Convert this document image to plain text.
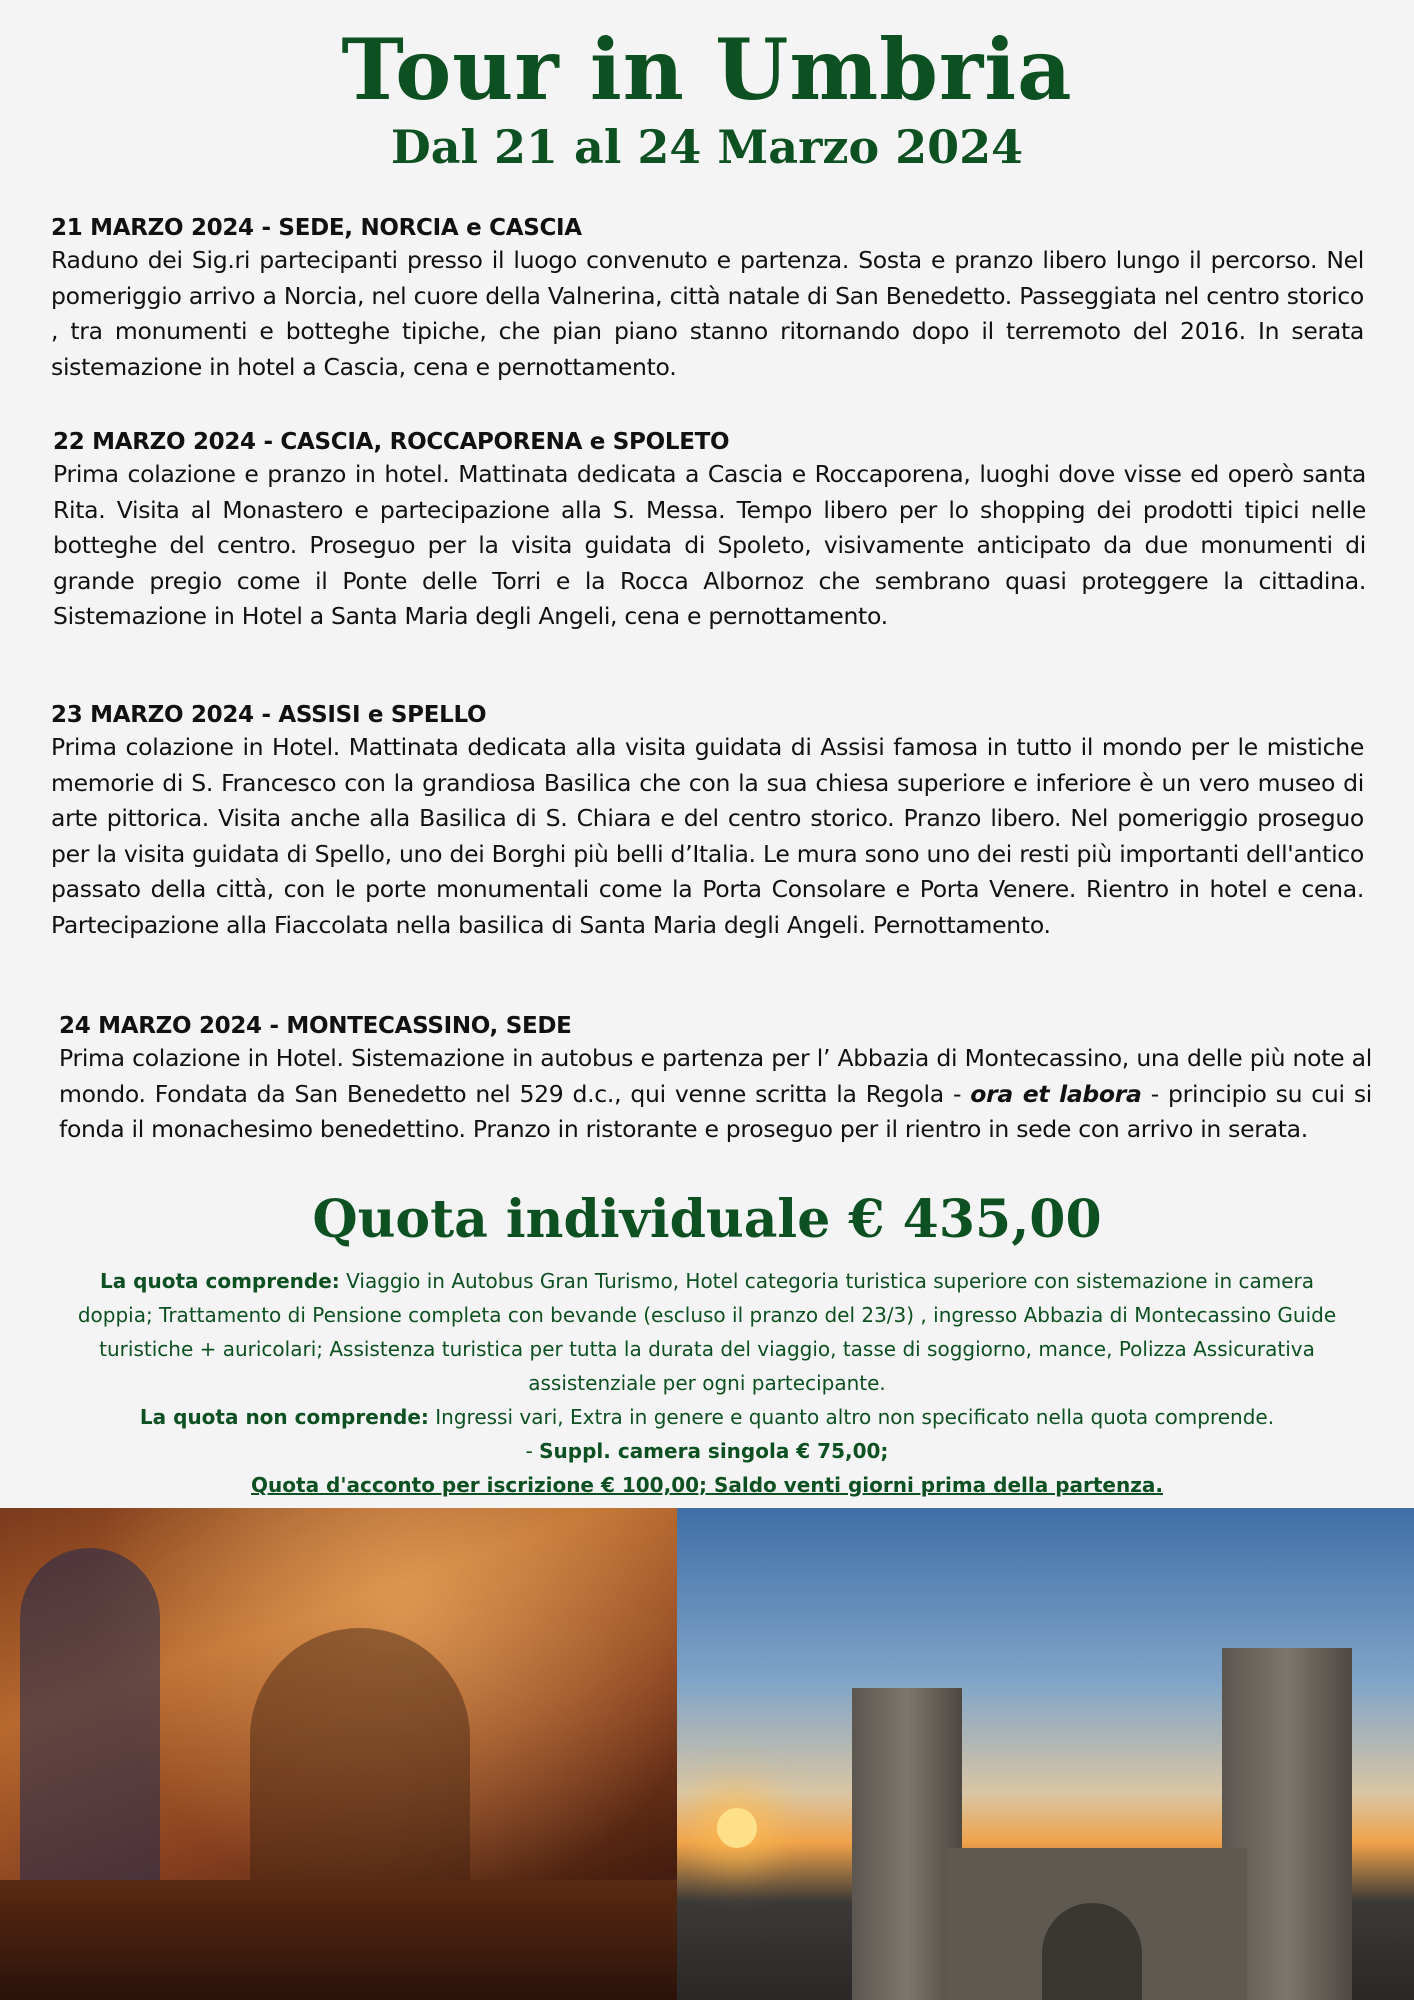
Tour in Umbria
Dal 21 al 24 Marzo 2024
21 MARZO 2024 - SEDE, NORCIA e CASCIA

Raduno dei Sig.ri partecipanti presso il luogo convenuto e partenza. Sosta e pranzo libero lungo il percorso. Nel pomeriggio arrivo a Norcia, nel cuore della Valnerina, città natale di San Benedetto. Passeggiata nel centro storico , tra monumenti e botteghe tipiche, che pian piano stanno ritornando dopo il terremoto del 2016. In serata sistemazione in hotel a Cascia, cena e pernottamento.

22 MARZO 2024 - CASCIA, ROCCAPORENA e SPOLETO

Prima colazione e pranzo in hotel. Mattinata dedicata a Cascia e Roccaporena, luoghi dove visse ed operò santa Rita. Visita al Monastero e partecipazione alla S. Messa. Tempo libero per lo shopping dei prodotti tipici nelle botteghe del centro. Proseguo per la visita guidata di Spoleto, visivamente anticipato da due monumenti di grande pregio come il Ponte delle Torri e la Rocca Albornoz che sembrano quasi proteggere la cittadina. Sistemazione in Hotel a Santa Maria degli Angeli, cena e pernottamento.

23 MARZO 2024 - ASSISI e SPELLO

Prima colazione in Hotel. Mattinata dedicata alla visita guidata di Assisi famosa in tutto il mondo per le mistiche memorie di S. Francesco con la grandiosa Basilica che con la sua chiesa superiore e inferiore è un vero museo di arte pittorica. Visita anche alla Basilica di S. Chiara e del centro storico. Pranzo libero. Nel pomeriggio proseguo per la visita guidata di Spello, uno dei Borghi più belli d’Italia. Le mura sono uno dei resti più importanti dell'antico passato della città, con le porte monumentali come la Porta Consolare e Porta Venere. Rientro in hotel e cena. Partecipazione alla Fiaccolata nella basilica di Santa Maria degli Angeli. Pernottamento.

24 MARZO 2024 - MONTECASSINO, SEDE

Prima colazione in Hotel. Sistemazione in autobus e partenza per l’ Abbazia di Montecassino, una delle più note al mondo. Fondata da San Benedetto nel 529 d.c., qui venne scritta la Regola - ora et labora - principio su cui si fonda il monachesimo benedettino. Pranzo in ristorante e proseguo per il rientro in sede con arrivo in serata.

Quota individuale € 435,00

La quota comprende: Viaggio in Autobus Gran Turismo, Hotel categoria turistica superiore con sistemazione in camera doppia; Trattamento di Pensione completa con bevande (escluso il pranzo del 23/3) , ingresso Abbazia di Montecassino Guide turistiche + auricolari; Assistenza turistica per tutta la durata del viaggio, tasse di soggiorno, mance, Polizza Assicurativa assistenziale per ogni partecipante.

La quota non comprende: Ingressi vari, Extra in genere e quanto altro non specificato nella quota comprende.

- Suppl. camera singola € 75,00;

Quota d'acconto per iscrizione € 100,00; Saldo venti giorni prima della partenza.
